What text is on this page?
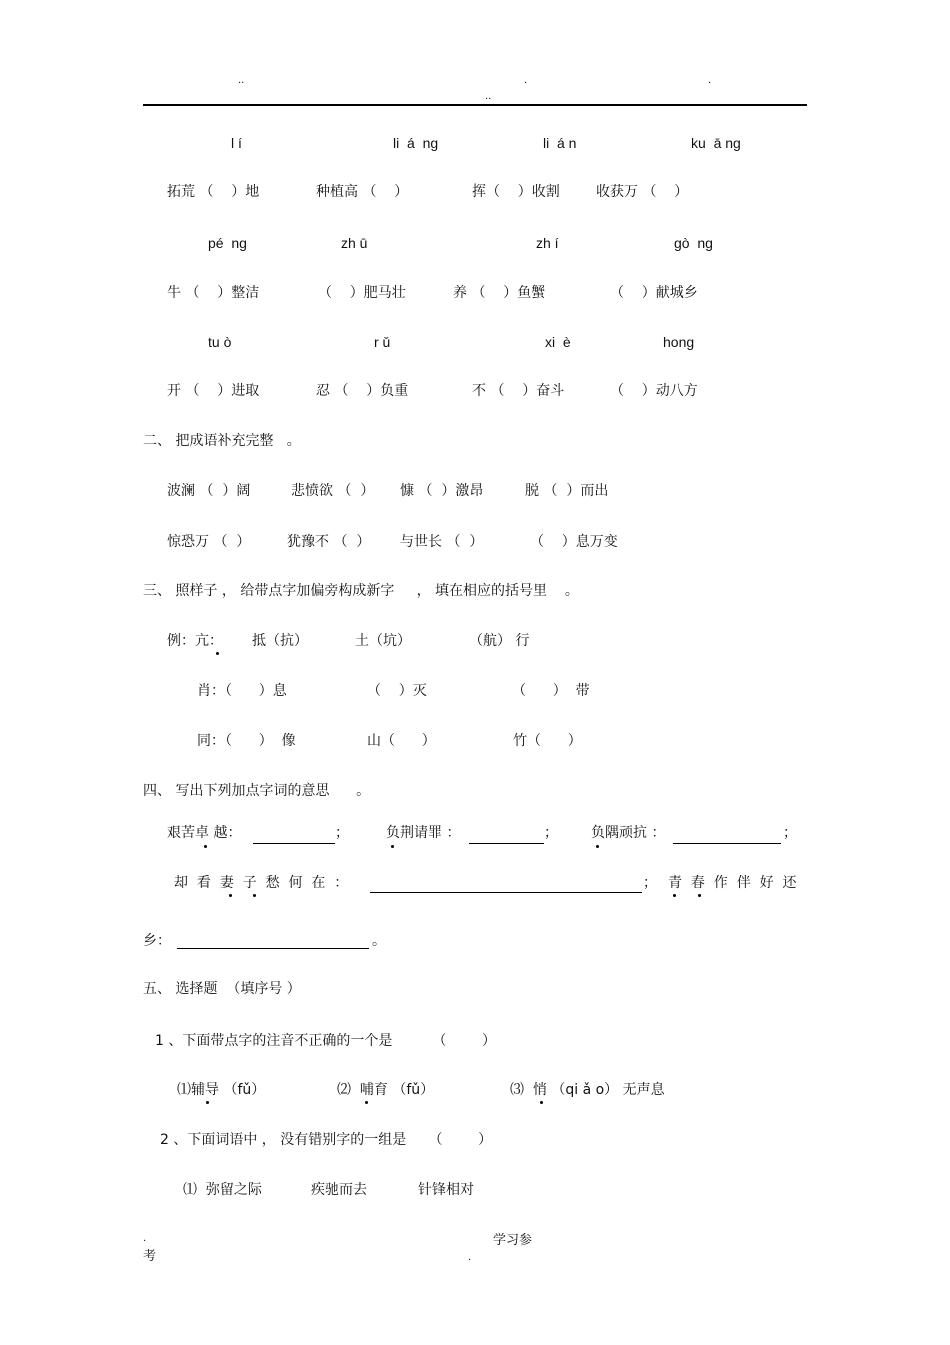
..	.	.
..
l í	li  á  ng	li  á n	ku  ā ng
拓荒 （    ）地	种植高 （    ）	挥（    ）收割	收获万 （    ）
pé  ng	zh ū	zh í	gò  ng
牛 （    ）整洁	（    ）肥马壮	养 （    ）鱼蟹	（    ）献城乡
tu ò	r ǔ	xi  è	hong
开 （    ）进取	忍 （    ）负重	不 （    ）奋斗	（    ）动八方
二、 把成语补充完整   。
波澜 （  ）阔	悲愤欲 （  ） 慷 （  ）激昂	脱 （  ）而出
惊恐万 （  ）	犹豫不 （  ） 与世长 （  ）	（    ）息万变
三、 照样子 ， 给带点字加偏旁构成新字     ， 填在相应的括号里    。
例：亢： 抵（抗）	土（坑）	（航） 行
肖：（      ）息	（    ）灭	（      ）  带
同：（      ）  像	山（      ）	竹（      ）
四、 写出下列加点字词的意思      。
艰苦卓 越：	；	负荆请罪 ：	； 负隅顽抗 ：	；
却  看  妻  子  愁  何  在  ：	； 青  春  作  伴  好  还
乡：	。
五、 选择题  （填序号 ）
1 、下面带点字的注音不正确的一个是         （        ）
⑴辅导 （fǔ）	⑵  哺育 （fǔ）	⑶  悄 （qi ǎ o） 无声息
2 、下面词语中 ， 没有错别字的一组是     （        ）
⑴  弥留之际	疾驰而去	针锋相对
.	学习参
考	.
